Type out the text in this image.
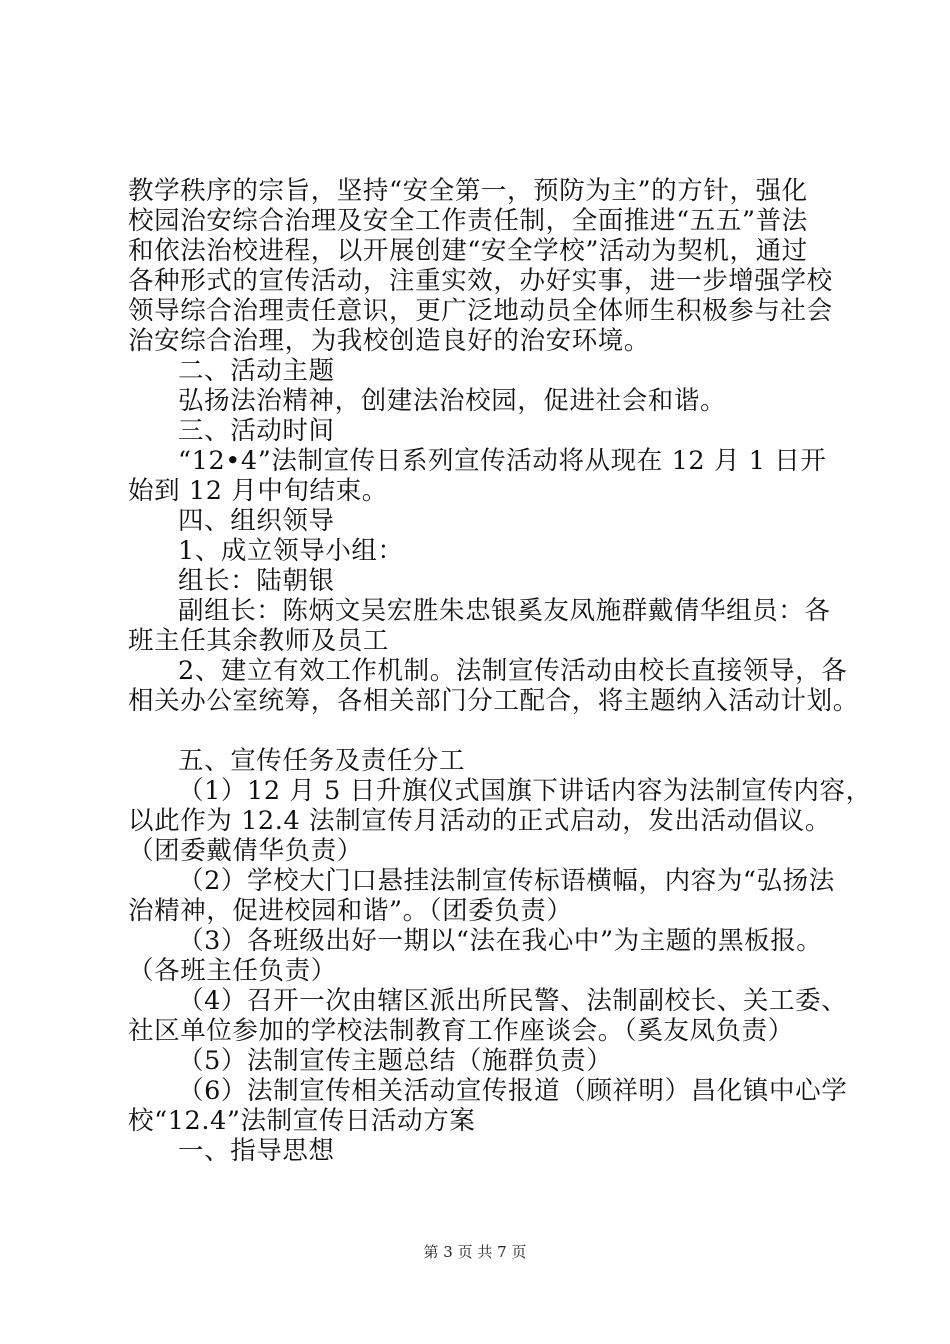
教学秩序的宗旨，坚持“安全第一，预防为主”的方针，强化
校园治安综合治理及安全工作责任制，全面推进“五五”普法
和依法治校进程，以开展创建“安全学校”活动为契机，通过
各种形式的宣传活动，注重实效，办好实事，进一步增强学校
领导综合治理责任意识，更广泛地动员全体师生积极参与社会
治安综合治理，为我校创造良好的治安环境。
二、活动主题
弘扬法治精神，创建法治校园，促进社会和谐。
三、活动时间
“12•4”法制宣传日系列宣传活动将从现在 12 月 1 日开
始到 12 月中旬结束。
四、组织领导
1、成立领导小组：
组长：陆朝银
副组长：陈炳文吴宏胜朱忠银奚友凤施群戴倩华组员：各
班主任其余教师及员工
2、建立有效工作机制。法制宣传活动由校长直接领导，各
相关办公室统筹，各相关部门分工配合，将主题纳入活动计划。
五、宣传任务及责任分工
（1）12 月 5 日升旗仪式国旗下讲话内容为法制宣传内容，
以此作为 12.4 法制宣传月活动的正式启动，发出活动倡议。
（团委戴倩华负责）
（2）学校大门口悬挂法制宣传标语横幅，内容为“弘扬法
治精神，促进校园和谐”。（团委负责）
（3）各班级出好一期以“法在我心中”为主题的黑板报。
（各班主任负责）
（4）召开一次由辖区派出所民警、法制副校长、关工委、
社区单位参加的学校法制教育工作座谈会。（奚友凤负责）
（5）法制宣传主题总结（施群负责）
（6）法制宣传相关活动宣传报道（顾祥明）昌化镇中心学
校“12.4”法制宣传日活动方案
一、指导思想
第 3 页 共 7 页
